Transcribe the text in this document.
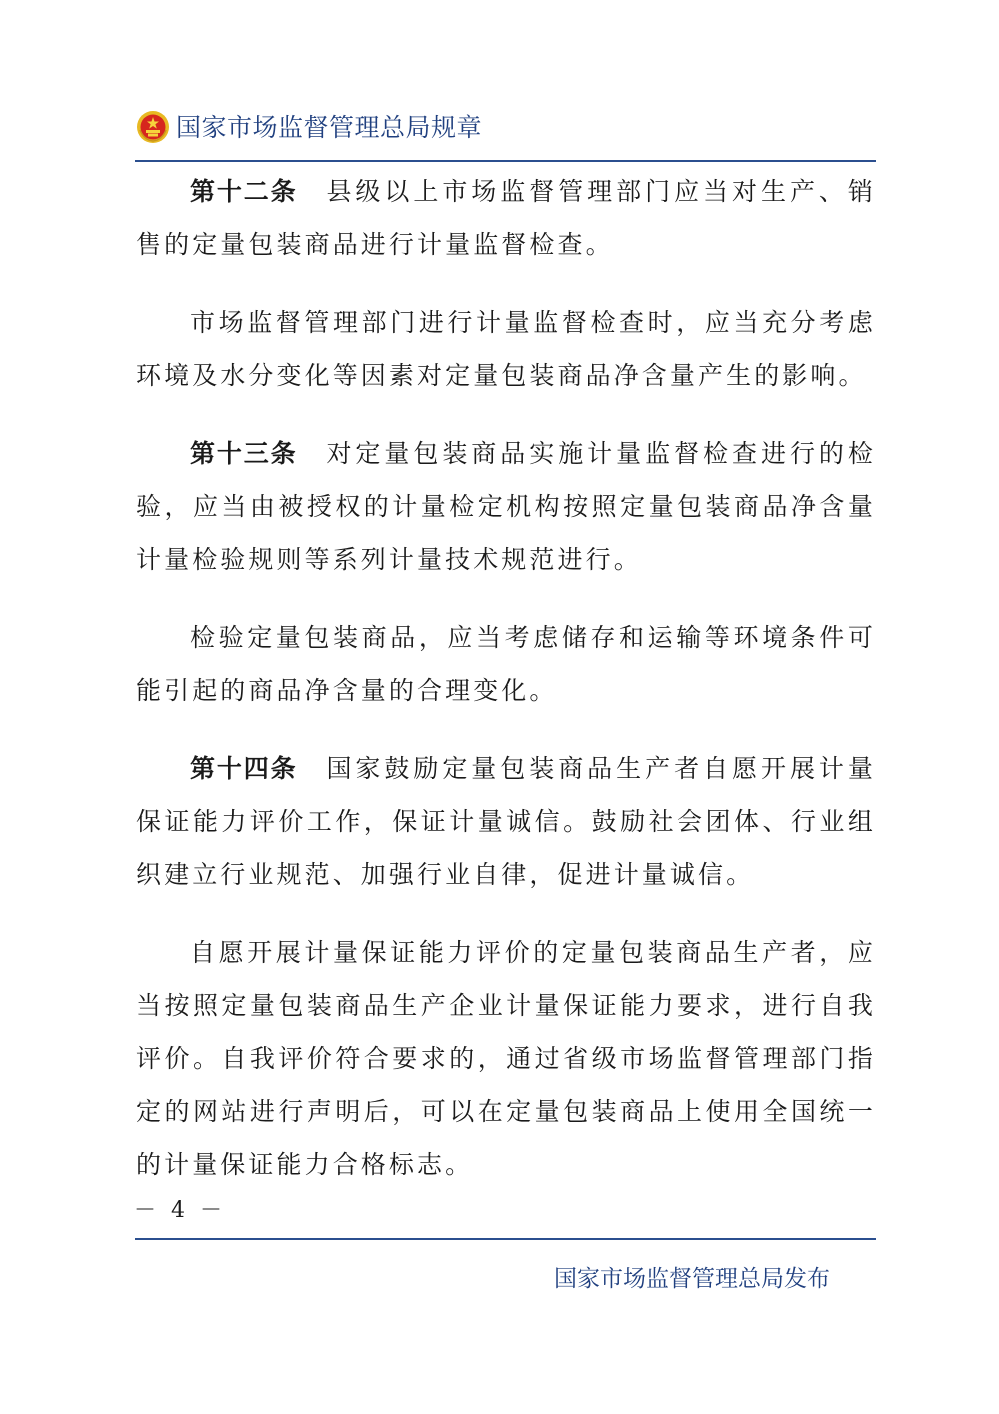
国家市场监督管理总局规章

第十二条　 县级以上市场监督管理部门应当对生产、销售的定量包装商品进行计量监督检查。

市场监督管理部门进行计量监督检查时，应当充分考虑环境及水分变化等因素对定量包装商品净含量产生的影响。

第十三条　 对定量包装商品实施计量监督检查进行的检验，应当由被授权的计量检定机构按照定量包装商品净含量计量检验规则等系列计量技术规范进行。

检验定量包装商品，应当考虑储存和运输等环境条件可能引起的商品净含量的合理变化。

第十四条　 国家鼓励定量包装商品生产者自愿开展计量保证能力评价工作，保证计量诚信。鼓励社会团体、行业组织建立行业规范、加强行业自律，促进计量诚信。

自愿开展计量保证能力评价的定量包装商品生产者，应当按照定量包装商品生产企业计量保证能力要求，进行自我评价。自我评价符合要求的，通过省级市场监督管理部门指定的网站进行声明后，可以在定量包装商品上使用全国统一的计量保证能力合格标志。

－ 4 －
国家市场监督管理总局发布
